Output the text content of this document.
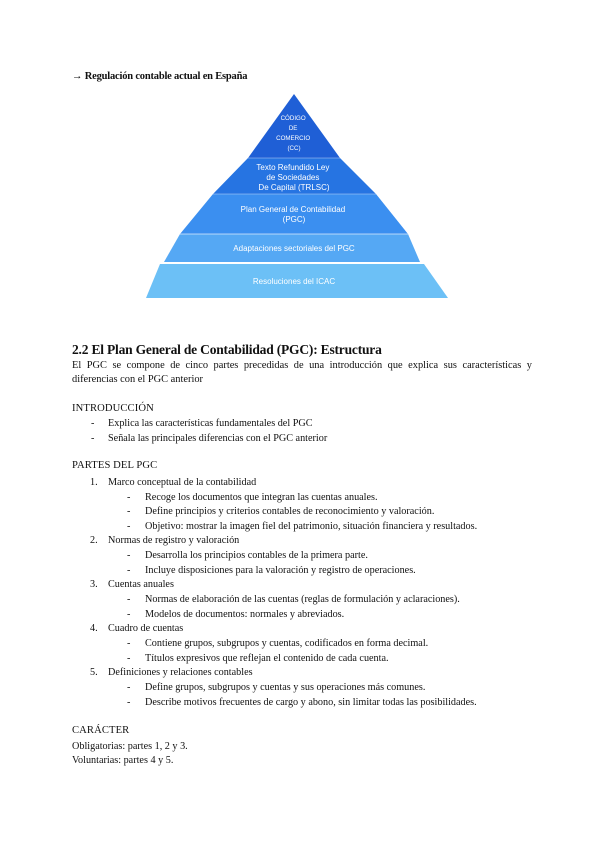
→ Regulación contable actual en España
CÓDIGO DE COMERCIO (CC)
Texto Refundido Ley de Sociedades De Capital (TRLSC)
Plan General de Contabilidad (PGC)
Adaptaciones sectoriales del PGC
Resoluciones del ICAC
2.2 El Plan General de Contabilidad (PGC): Estructura
El PGC se compone de cinco partes precedidas de una introducción que explica sus características y diferencias con el PGC anterior
INTRODUCCIÓN
- Explica las características fundamentales del PGC
- Señala las principales diferencias con el PGC anterior
PARTES DEL PGC
1. Marco conceptual de la contabilidad
- Recoge los documentos que integran las cuentas anuales.
- Define principios y criterios contables de reconocimiento y valoración.
- Objetivo: mostrar la imagen fiel del patrimonio, situación financiera y resultados.
2. Normas de registro y valoración
- Desarrolla los principios contables de la primera parte.
- Incluye disposiciones para la valoración y registro de operaciones.
3. Cuentas anuales
- Normas de elaboración de las cuentas (reglas de formulación y aclaraciones).
- Modelos de documentos: normales y abreviados.
4. Cuadro de cuentas
- Contiene grupos, subgrupos y cuentas, codificados en forma decimal.
- Títulos expresivos que reflejan el contenido de cada cuenta.
5. Definiciones y relaciones contables
- Define grupos, subgrupos y cuentas y sus operaciones más comunes.
- Describe motivos frecuentes de cargo y abono, sin limitar todas las posibilidades.
CARÁCTER
Obligatorias: partes 1, 2 y 3.
Voluntarias: partes 4 y 5.
